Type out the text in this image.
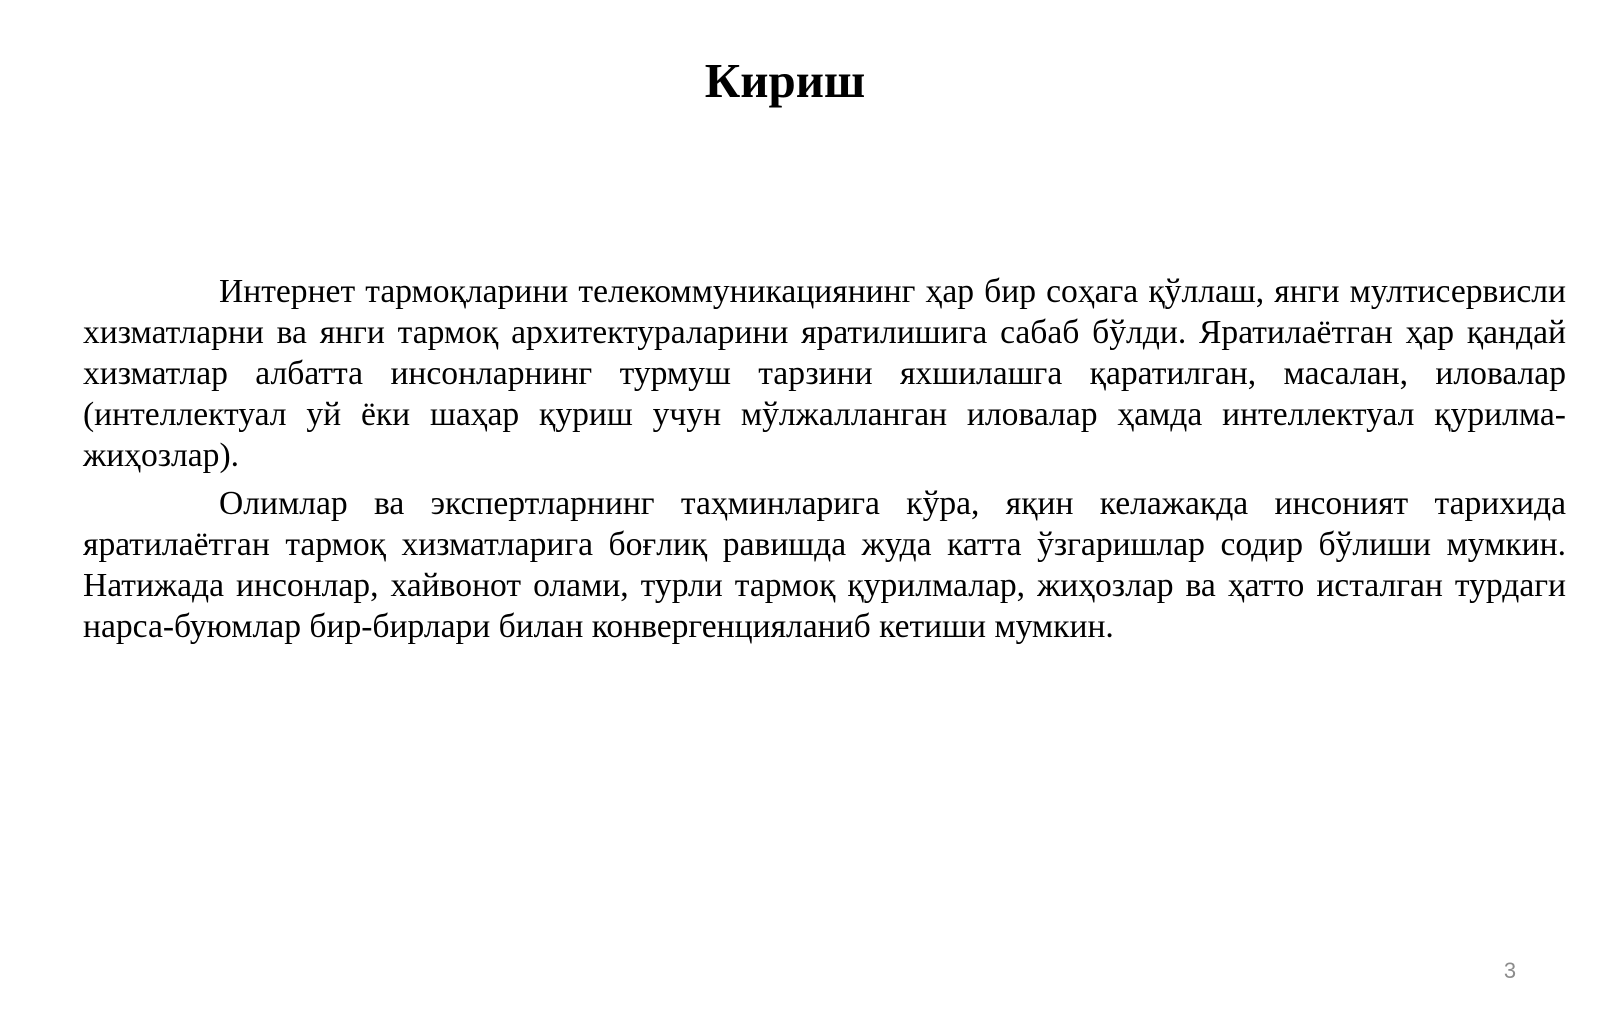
Кириш

Интернет тармоқларини телекоммуникациянинг ҳар бир соҳага қўллаш, янги мултисервисли хизматларни ва янги тармоқ архитектураларини яратилишига сабаб бўлди. Яратилаётган ҳар қандай хизматлар албатта инсонларнинг турмуш тарзини яхшилашга қаратилган, масалан, иловалар (интеллектуал уй ёки шаҳар қуриш учун мўлжалланган иловалар ҳамда интеллектуал қурилма-жиҳозлар).

Олимлар ва экспертларнинг таҳминларига кўра, яқин келажакда инсоният тарихида яратилаётган тармоқ хизматларига боғлиқ равишда жуда катта ўзгаришлар содир бўлиши мумкин. Натижада инсонлар, хайвонот олами, турли тармоқ қурилмалар, жиҳозлар ва ҳатто исталган турдаги нарса-буюмлар бир-бирлари билан конвергенцияланиб кетиши мумкин.

3
